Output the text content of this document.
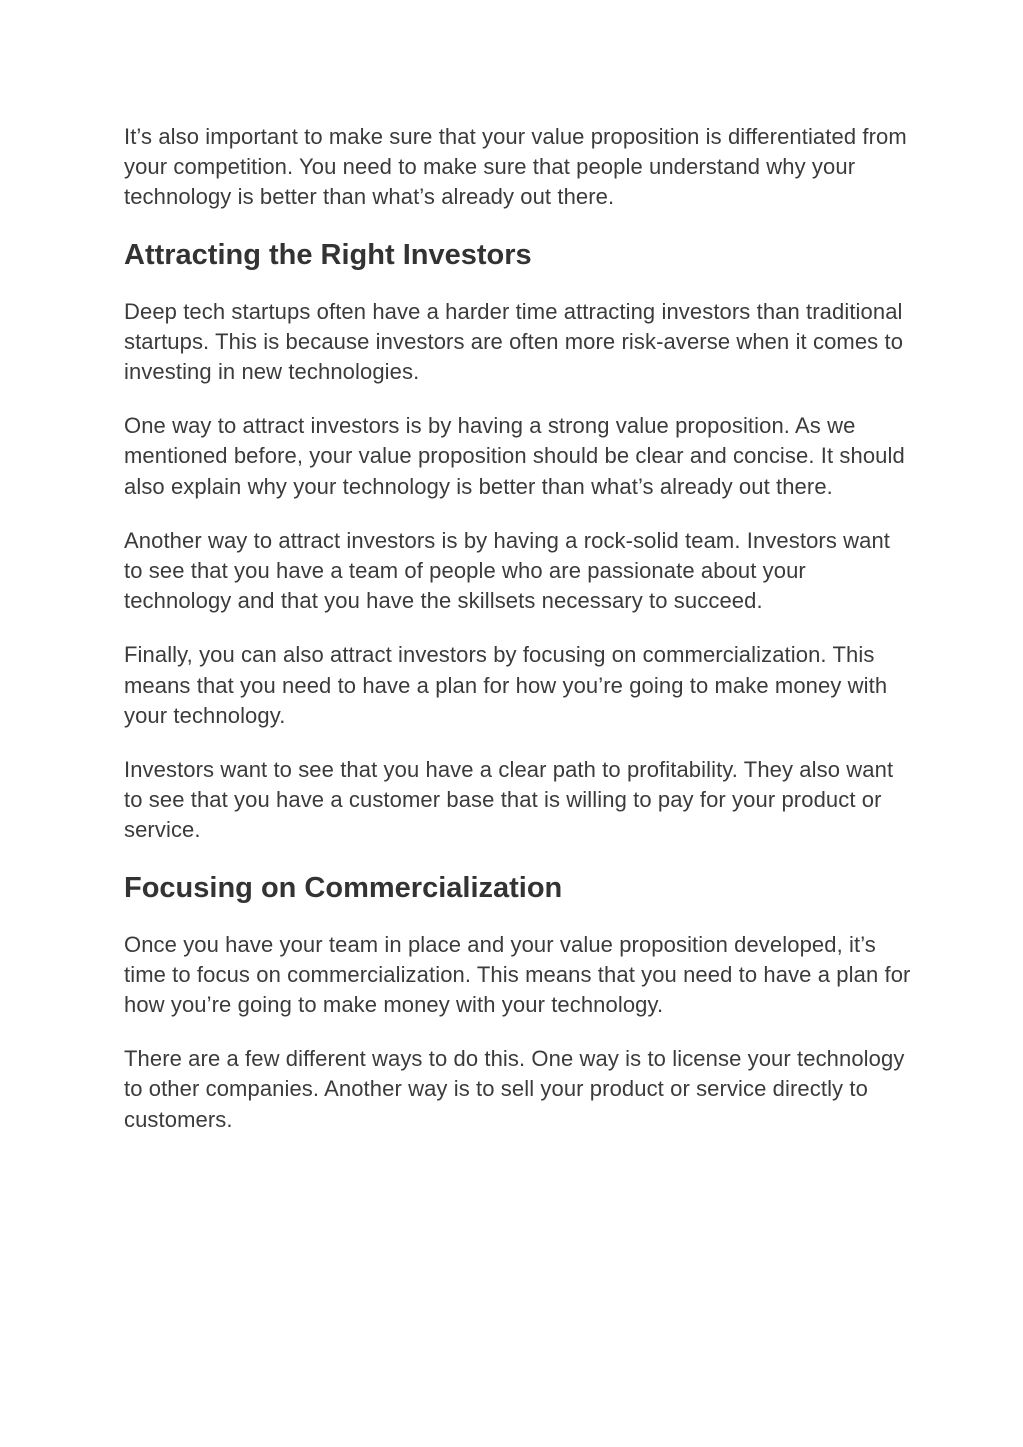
It’s also important to make sure that your value proposition is differentiated from your competition. You need to make sure that people understand why your technology is better than what’s already out there.

Attracting the Right Investors

Deep tech startups often have a harder time attracting investors than traditional startups. This is because investors are often more risk-averse when it comes to investing in new technologies.

One way to attract investors is by having a strong value proposition. As we mentioned before, your value proposition should be clear and concise. It should also explain why your technology is better than what’s already out there.

Another way to attract investors is by having a rock-solid team. Investors want to see that you have a team of people who are passionate about your technology and that you have the skillsets necessary to succeed.

Finally, you can also attract investors by focusing on commercialization. This means that you need to have a plan for how you’re going to make money with your technology.

Investors want to see that you have a clear path to profitability. They also want to see that you have a customer base that is willing to pay for your product or service.

Focusing on Commercialization

Once you have your team in place and your value proposition developed, it’s time to focus on commercialization. This means that you need to have a plan for how you’re going to make money with your technology.

There are a few different ways to do this. One way is to license your technology to other companies. Another way is to sell your product or service directly to customers.
